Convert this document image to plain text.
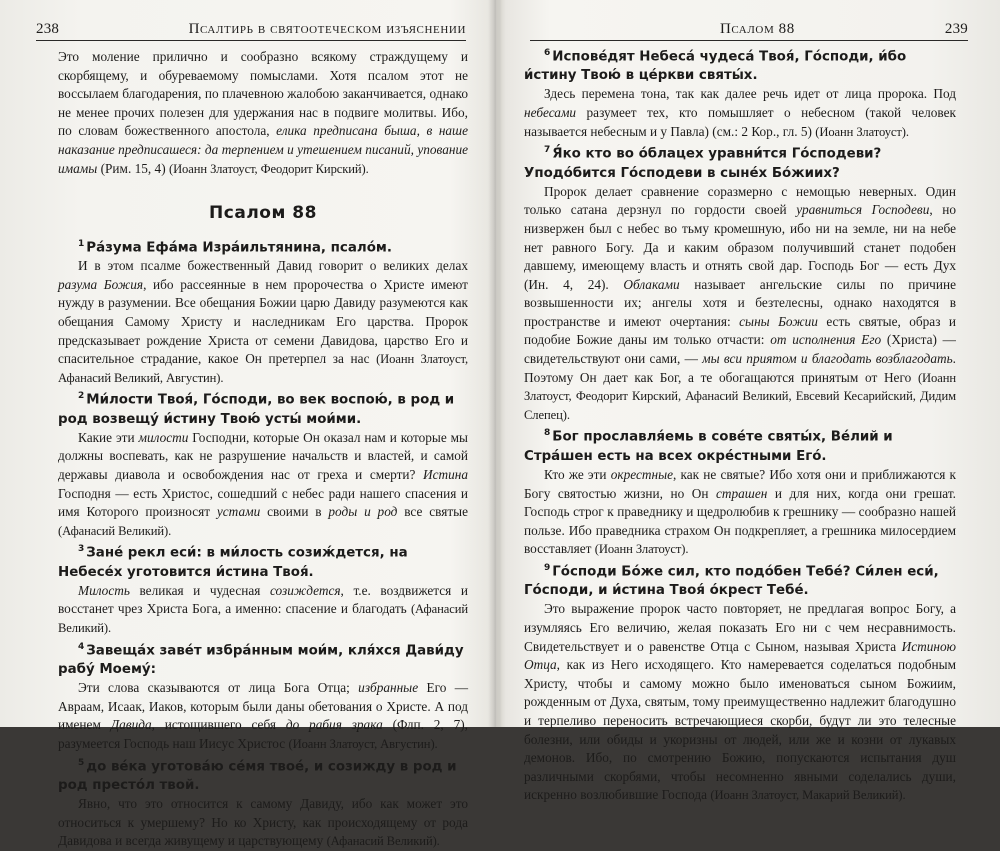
238	Псалтирь в святоотеческом изъяснении

Это моление прилично и сообразно всякому страждущему и скорбящему, и обуреваемому помыслами. Хотя псалом этот не воссылаем благодарения, по плачевною жалобою заканчивается, однако не менее прочих полезен для удержания нас в подвиге молитвы. Ибо, по словам божественного апостола, елика предписана быша, в наше наказание предписашеся: да терпением и утешением писаний, упование имамы (Рим. 15, 4) (Иоанн Златоуст, Феодорит Кирский).

Псалом 88

$^1$ Ра́зума Ефа́ма Изра́ильтянина, псало́м.

И в этом псалме божественный Давид говорит о великих делах разума Божия, ибо рассеянные в нем пророчества о Христе имеют нужду в разумении. Все обещания Божии царю Давиду разумеются как обещания Самому Христу и наследникам Его царства. Пророк предсказывает рождение Христа от семени Давидова, царство Его и спасительное страдание, какое Он претерпел за нас (Иоанн Златоуст, Афанасий Великий, Августин).

$^2$ Ми́лости Твоя́, Го́споди, во век воспою́, в род и род возвещу́ и́стину Твою́ усты́ мои́ми.

Какие эти милости Господни, которые Он оказал нам и которые мы должны воспевать, как не разрушение начальств и властей, и самой державы диавола и освобождения нас от греха и смерти? Истина Господня — есть Христос, сошедший с небес ради нашего спасения и имя Которого произносят устами своими в роды и род все святые (Афанасий Великий).

$^3$ Зане́ рекл еси́: в ми́лость созиж́дется, на Небесе́х уготовится и́стина Твоя́.

Милость великая и чудесная созиждется, т.е. воздвижется и восстанет чрез Христа Бога, а именно: спасение и благодать (Афанасий Великий).

$^4$ Завеща́х заве́т избра́нным мои́м, кля́хся Дави́ду рабу́ Моему́:

Эти слова сказываются от лица Бога Отца; избранные Его — Авраам, Исаак, Иаков, которым были даны обетования о Христе. А под именем Давида, истощившего себя до рабия зрака (Флп. 2, 7), разумеется Господь наш Иисус Христос (Иоанн Златоуст, Августин).

$^5$ до ве́ка уготова́ю се́мя твое́, и созижду в род и род престо́л твой.

Явно, что это относится к самому Давиду, ибо как может это относиться к умершему? Но ко Христу, как происходящему от рода Давидова и всегда живущему и царствующему (Афанасий Великий).

Псалом 88	239

$^6$ Испове́дят Небеса́ чудеса́ Твоя́, Го́споди, и́бо и́стину Твою́ в це́ркви святы́х.

Здесь перемена тона, так как далее речь идет от лица пророка. Под небесами разумеет тех, кто помышляет о небесном (такой человек называется небесным и у Павла) (см.: 2 Кор., гл. 5) (Иоанн Златоуст).

$^7$ Я́ко кто во о́блацех уравни́тся Го́сподеви? Уподо́бится Го́сподеви в сыне́х Бо́жиих?

Пророк делает сравнение соразмерно с немощью неверных. Один только сатана дерзнул по гордости своей уравниться Господеви, но низвержен был с небес во тьму кромешную, ибо ни на земле, ни на небе нет равного Богу. Да и каким образом получивший станет подобен давшему, имеющему власть и отнять свой дар. Господь Бог — есть Дух (Ин. 4, 24). Облаками называет ангельские силы по причине возвышенности их; ангелы хотя и безтелесны, однако находятся в пространстве и имеют очертания: сыны Божии есть святые, образ и подобие Божие даны им только отчасти: от исполнения Его (Христа) — свидетельствуют они сами, — мы вси приятом и благодать возблагодать. Поэтому Он дает как Бог, а те обогащаются принятым от Него (Иоанн Златоуст, Феодорит Кирский, Афанасий Великий, Евсевий Кесарийский, Дидим Слепец).

$^8$ Бог прославля́емь в сове́те святы́х, Ве́лий и Стра́шен есть на всех окре́стными Его́.

Кто же эти окрестные, как не святые? Ибо хотя они и приближаются к Богу святостью жизни, но Он страшен и для них, когда они грешат. Господь строг к праведнику и щедролюбив к грешнику — сообразно нашей пользе. Ибо праведника страхом Он подкрепляет, а грешника милосердием восставляет (Иоанн Златоуст).

$^9$ Го́споди Бо́же сил, кто подо́бен Тебе́? Си́лен еси́, Го́споди, и и́стина Твоя́ о́крест Тебе́.

Это выражение пророк часто повторяет, не предлагая вопрос Богу, а изумляясь Его величию, желая показать Его ни с чем несравнимость. Свидетельствует и о равенстве Отца с Сыном, называя Христа Истиною Отца, как из Него исходящего. Кто намеревается соделаться подобным Христу, чтобы и самому можно было именоваться сыном Божиим, рожденным от Духа, святым, тому преимущественно надлежит благодушно и терпеливо переносить встречающиеся скорби, будут ли это телесные болезни, или обиды и укоризны от людей, или же и козни от лукавых демонов. Ибо, по смотрению Божию, попускаются испытания душ различными скорбями, чтобы несомненно явными соделались души, искренно возлюбившие Господа (Иоанн Златоуст, Макарий Великий).
